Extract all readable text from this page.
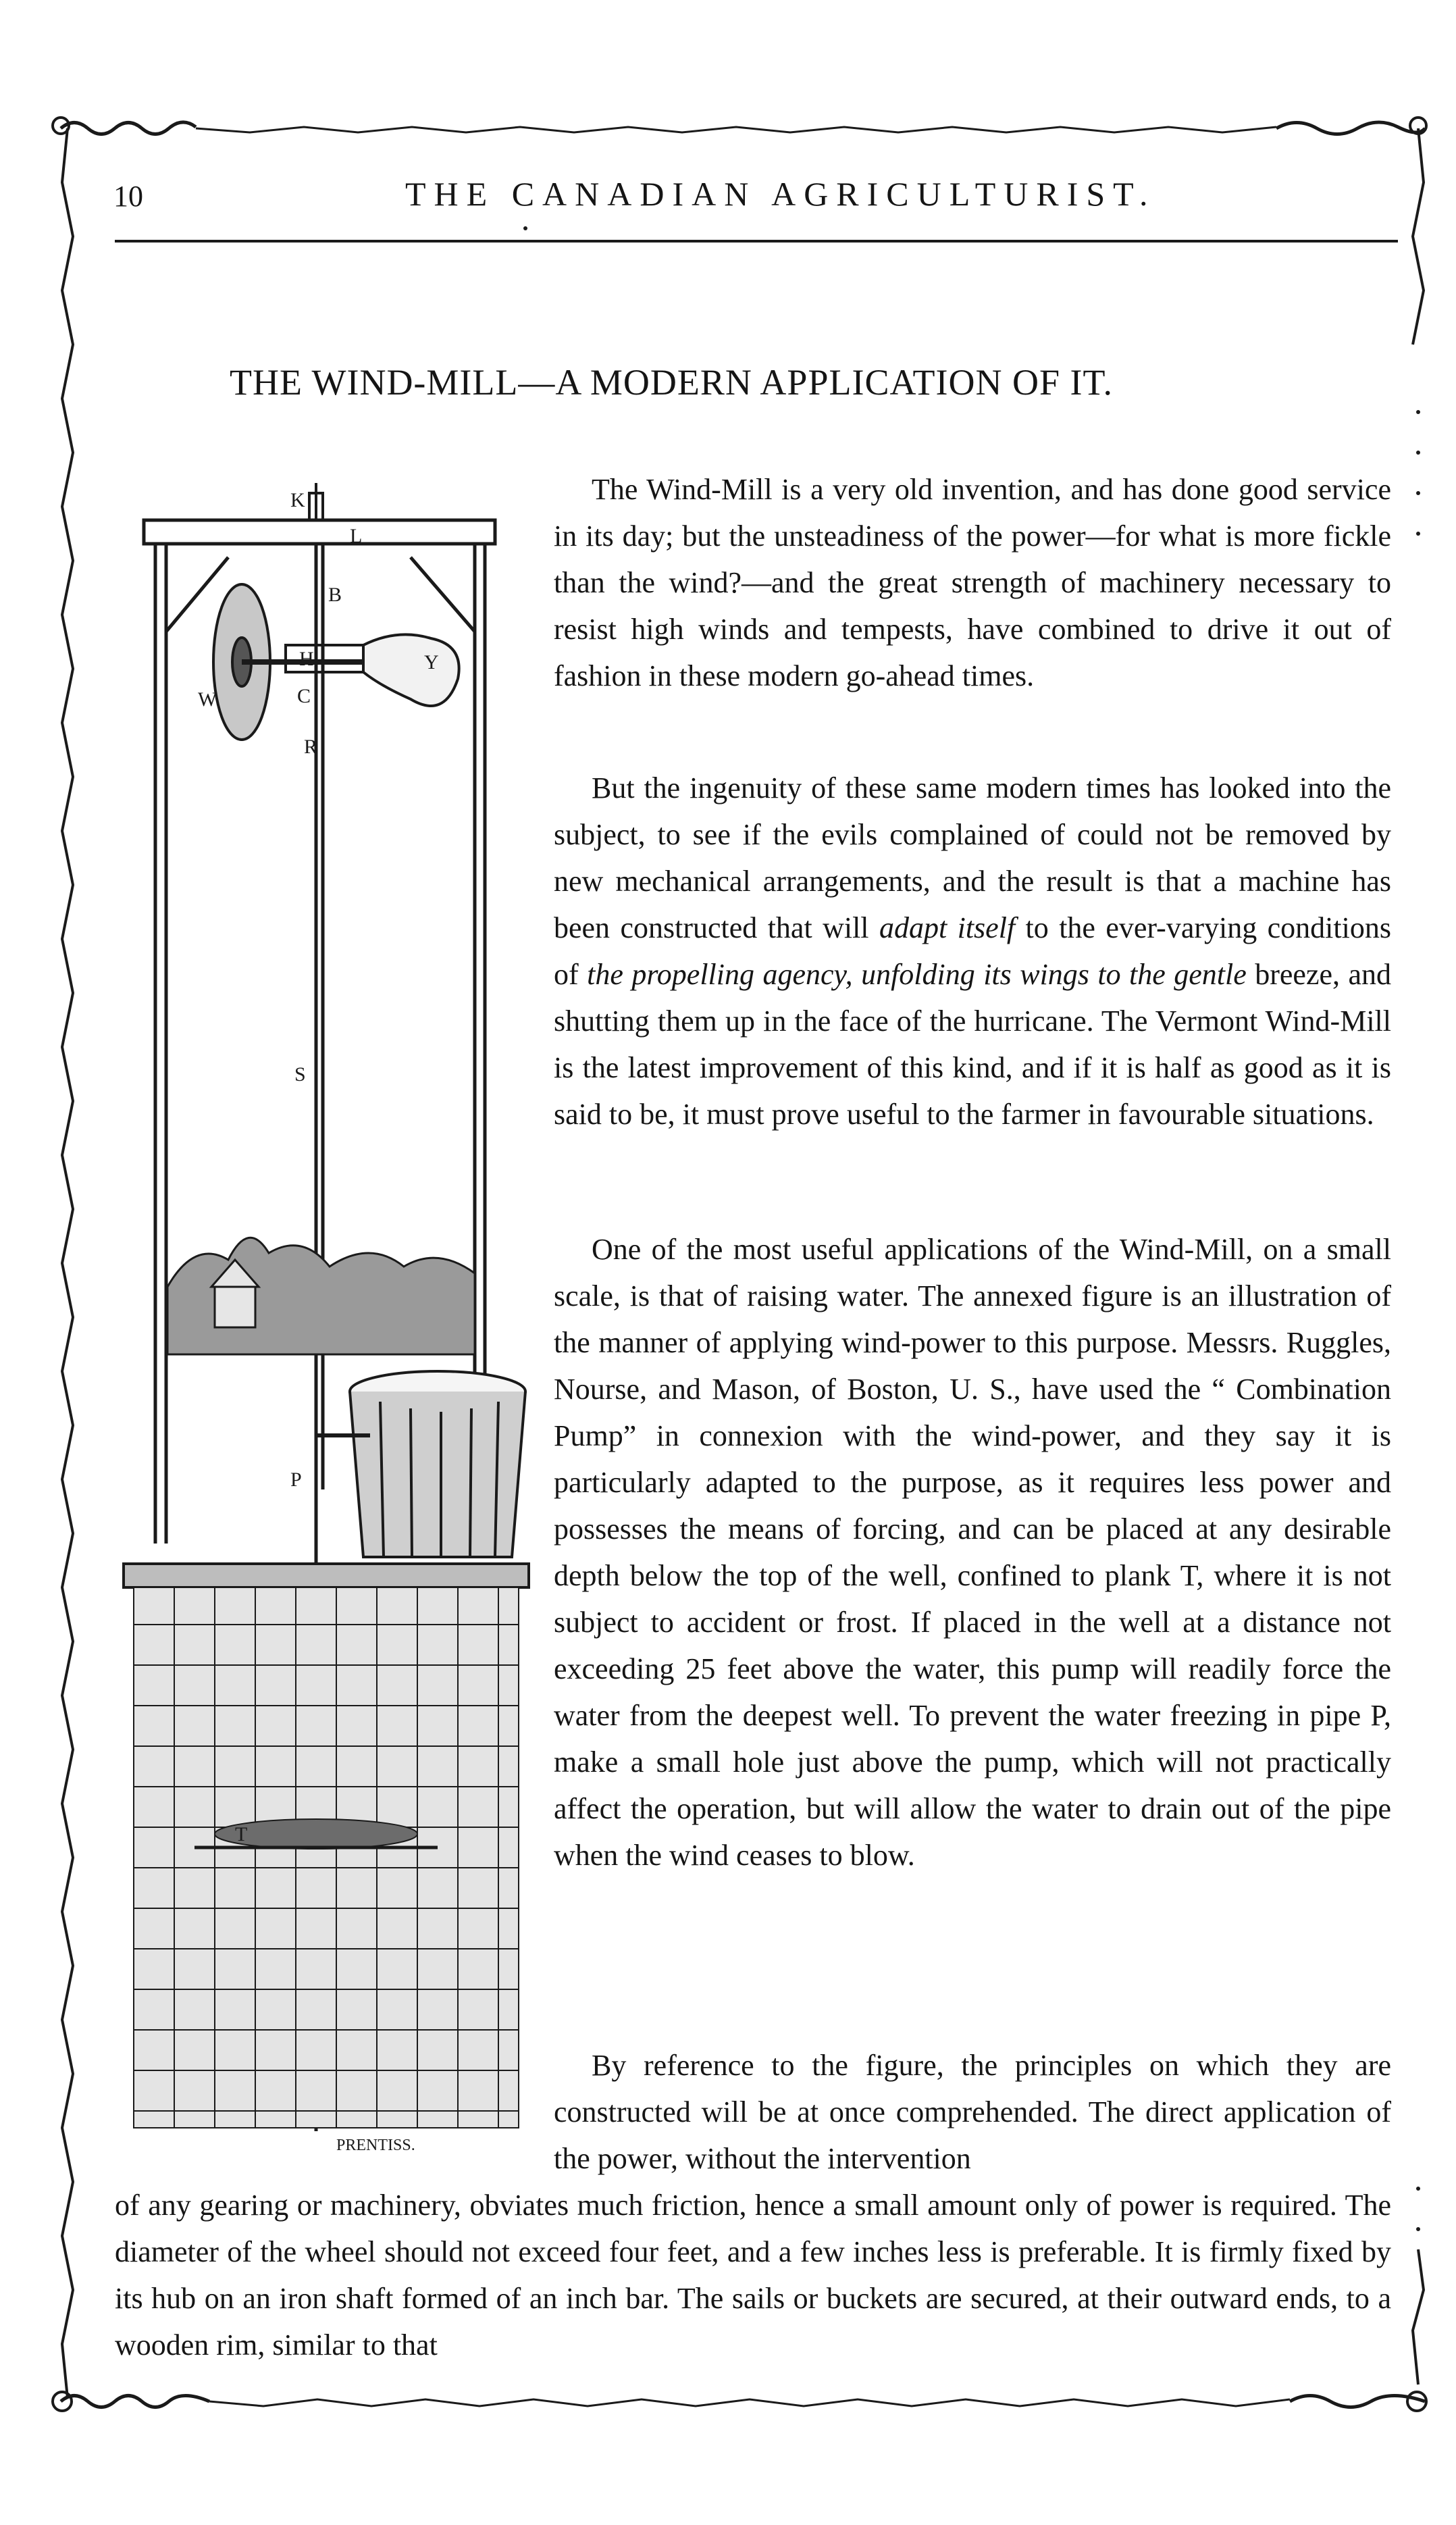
10	THE CANADIAN AGRICULTURIST.
THE WIND-MILL—A MODERN APPLICATION OF IT.
K
L
B
W
H
C
Y
R
S
P
T
PRENTISS.

The Wind-Mill is a very old invention, and has done good service in its day; but the unsteadiness of the power—for what is more fickle than the wind?—and the great strength of machinery necessary to resist high winds and tempests, have combined to drive it out of fashion in these modern go-ahead times.

But the ingenuity of these same modern times has looked into the subject, to see if the evils complained of could not be removed by new mechanical arrangements, and the result is that a machine has been constructed that will adapt itself to the ever-varying conditions of the propelling agency, unfolding its wings to the gentle breeze, and shutting them up in the face of the hurricane. The Vermont Wind-Mill is the latest improvement of this kind, and if it is half as good as it is said to be, it must prove useful to the farmer in favourable situations.

One of the most useful applications of the Wind-Mill, on a small scale, is that of raising water. The annexed figure is an illustration of the manner of applying wind-power to this purpose. Messrs. Ruggles, Nourse, and Mason, of Boston, U. S., have used the “ Combination Pump” in connexion with the wind-power, and they say it is particularly adapted to the purpose, as it requires less power and possesses the means of forcing, and can be placed at any desirable depth below the top of the well, confined to plank T, where it is not subject to accident or frost. If placed in the well at a distance not exceeding 25 feet above the water, this pump will readily force the water from the deepest well. To prevent the water freezing in pipe P, make a small hole just above the pump, which will not practically affect the operation, but will allow the water to drain out of the pipe when the wind ceases to blow.

By reference to the figure, the principles on which they are constructed will be at once comprehended. The direct application of the power, without the intervention

of any gearing or machinery, obviates much friction, hence a small amount only of power is required. The diameter of the wheel should not exceed four feet, and a few inches less is preferable. It is firmly fixed by its hub on an iron shaft formed of an inch bar. The sails or buckets are secured, at their outward ends, to a wooden rim, similar to that
